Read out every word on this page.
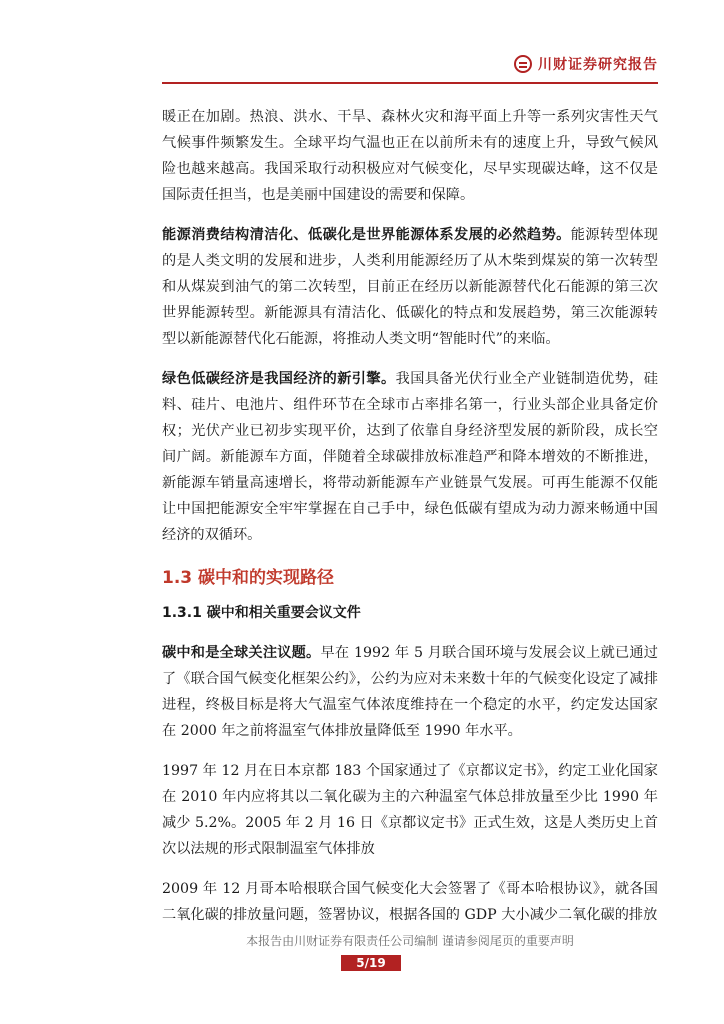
川财证券研究报告

暖正在加剧。热浪、洪水、干旱、森林火灾和海平面上升等一系列灾害性天气气候事件频繁发生。全球平均气温也正在以前所未有的速度上升，导致气候风险也越来越高。我国采取行动积极应对气候变化，尽早实现碳达峰，这不仅是国际责任担当，也是美丽中国建设的需要和保障。

能源消费结构清洁化、低碳化是世界能源体系发展的必然趋势。能源转型体现的是人类文明的发展和进步，人类利用能源经历了从木柴到煤炭的第一次转型和从煤炭到油气的第二次转型，目前正在经历以新能源替代化石能源的第三次世界能源转型。新能源具有清洁化、低碳化的特点和发展趋势，第三次能源转型以新能源替代化石能源，将推动人类文明“智能时代”的来临。

绿色低碳经济是我国经济的新引擎。我国具备光伏行业全产业链制造优势，硅料、硅片、电池片、组件环节在全球市占率排名第一，行业头部企业具备定价权；光伏产业已初步实现平价，达到了依靠自身经济型发展的新阶段，成长空间广阔。新能源车方面，伴随着全球碳排放标准趋严和降本增效的不断推进，新能源车销量高速增长，将带动新能源车产业链景气发展。可再生能源不仅能让中国把能源安全牢牢掌握在自己手中，绿色低碳有望成为动力源来畅通中国经济的双循环。

1.3 碳中和的实现路径
1.3.1 碳中和相关重要会议文件

碳中和是全球关注议题。早在 1992 年 5 月联合国环境与发展会议上就已通过了《联合国气候变化框架公约》，公约为应对未来数十年的气候变化设定了减排进程，终极目标是将大气温室气体浓度维持在一个稳定的水平，约定发达国家在 2000 年之前将温室气体排放量降低至 1990 年水平。

1997 年 12 月在日本京都 183 个国家通过了《京都议定书》，约定工业化国家在 2010 年内应将其以二氧化碳为主的六种温室气体总排放量至少比 1990 年减少 5.2%。2005 年 2 月 16 日《京都议定书》正式生效，这是人类历史上首次以法规的形式限制温室气体排放

2009 年 12 月哥本哈根联合国气候变化大会签署了《哥本哈根协议》，就各国二氧化碳的排放量问题，签署协议，根据各国的 GDP 大小减少二氧化碳的排放

本报告由川财证券有限责任公司编制 谨请参阅尾页的重要声明
5/19
